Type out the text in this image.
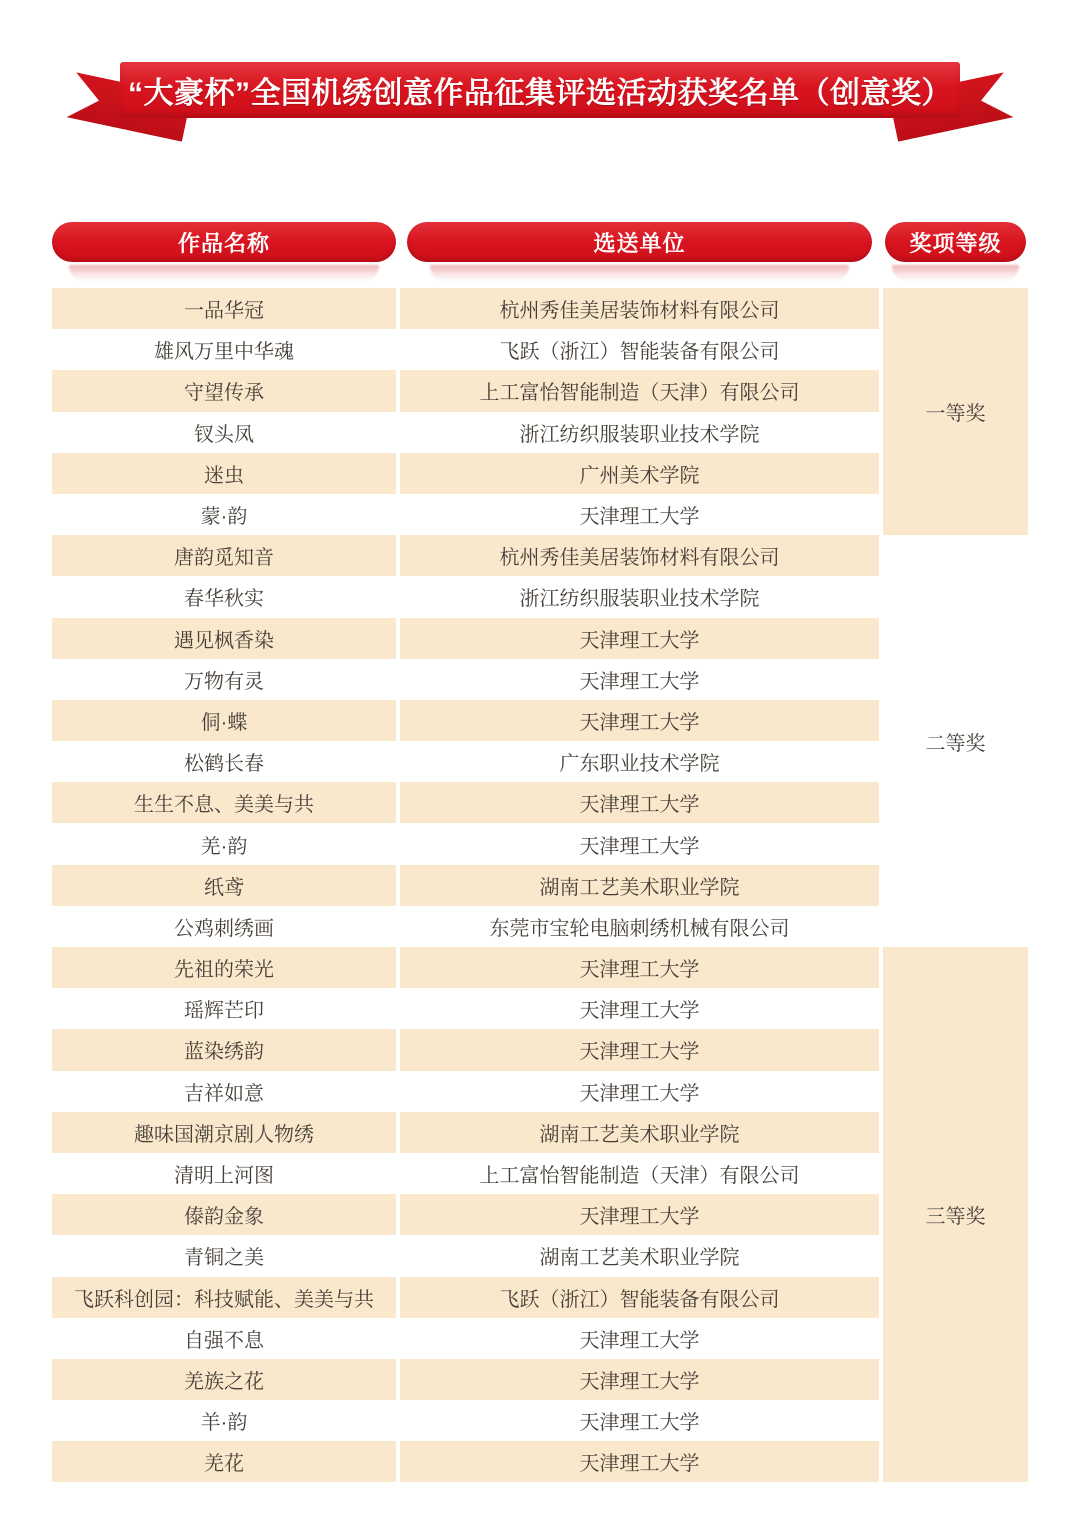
“大豪杯”全国机绣创意作品征集评选活动获奖名单（创意奖）
作品名称	选送单位	奖项等级
一品华冠	杭州秀佳美居装饰材料有限公司
雄风万里中华魂	飞跃（浙江）智能装备有限公司
守望传承	上工富怡智能制造（天津）有限公司
钗头凤	浙江纺织服装职业技术学院
迷虫	广州美术学院
蒙·韵	天津理工大学
一等奖
唐韵觅知音	杭州秀佳美居装饰材料有限公司
春华秋实	浙江纺织服装职业技术学院
遇见枫香染	天津理工大学
万物有灵	天津理工大学
侗·蝶	天津理工大学
松鹤长春	广东职业技术学院
生生不息、美美与共	天津理工大学
羌·韵	天津理工大学
纸鸢	湖南工艺美术职业学院
公鸡刺绣画	东莞市宝轮电脑刺绣机械有限公司
二等奖
先祖的荣光	天津理工大学
瑶辉芒印	天津理工大学
蓝染绣韵	天津理工大学
吉祥如意	天津理工大学
趣味国潮京剧人物绣	湖南工艺美术职业学院
清明上河图	上工富怡智能制造（天津）有限公司
傣韵金象	天津理工大学
青铜之美	湖南工艺美术职业学院
飞跃科创园：科技赋能、美美与共	飞跃（浙江）智能装备有限公司
自强不息	天津理工大学
羌族之花	天津理工大学
羊·韵	天津理工大学
羌花	天津理工大学
三等奖
